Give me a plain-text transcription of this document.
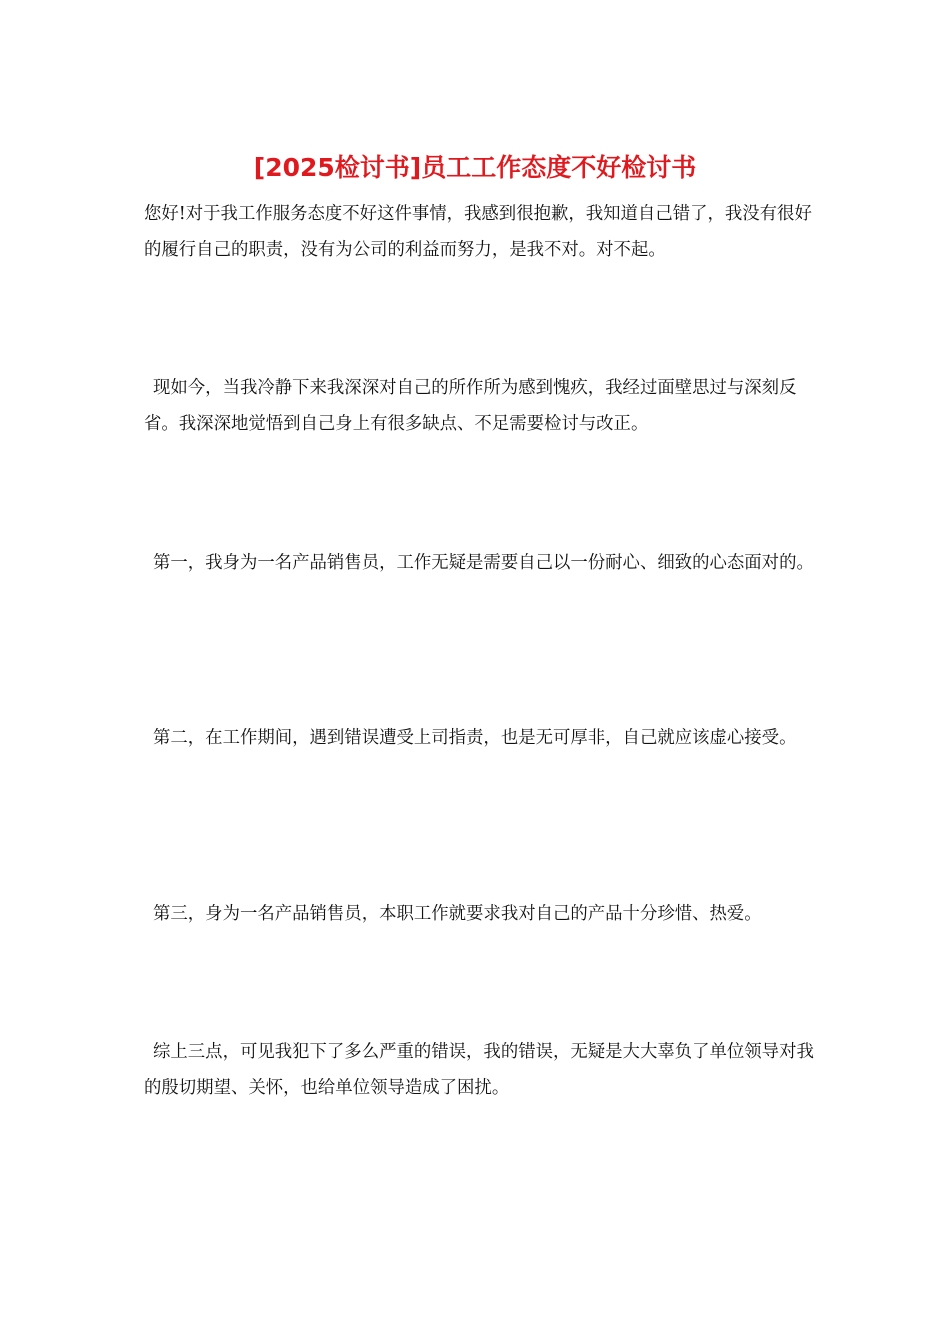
[2025检讨书]员工工作态度不好检讨书

您好!对于我工作服务态度不好这件事情，我感到很抱歉，我知道自己错了，我没有很好的履行自己的职责，没有为公司的利益而努力，是我不对。对不起。

现如今，当我冷静下来我深深对自己的所作所为感到愧疚，我经过面壁思过与深刻反省。我深深地觉悟到自己身上有很多缺点、不足需要检讨与改正。

第一，我身为一名产品销售员，工作无疑是需要自己以一份耐心、细致的心态面对的。

第二，在工作期间，遇到错误遭受上司指责，也是无可厚非，自己就应该虚心接受。

第三，身为一名产品销售员，本职工作就要求我对自己的产品十分珍惜、热爱。

综上三点，可见我犯下了多么严重的错误，我的错误，无疑是大大辜负了单位领导对我的殷切期望、关怀，也给单位领导造成了困扰。
